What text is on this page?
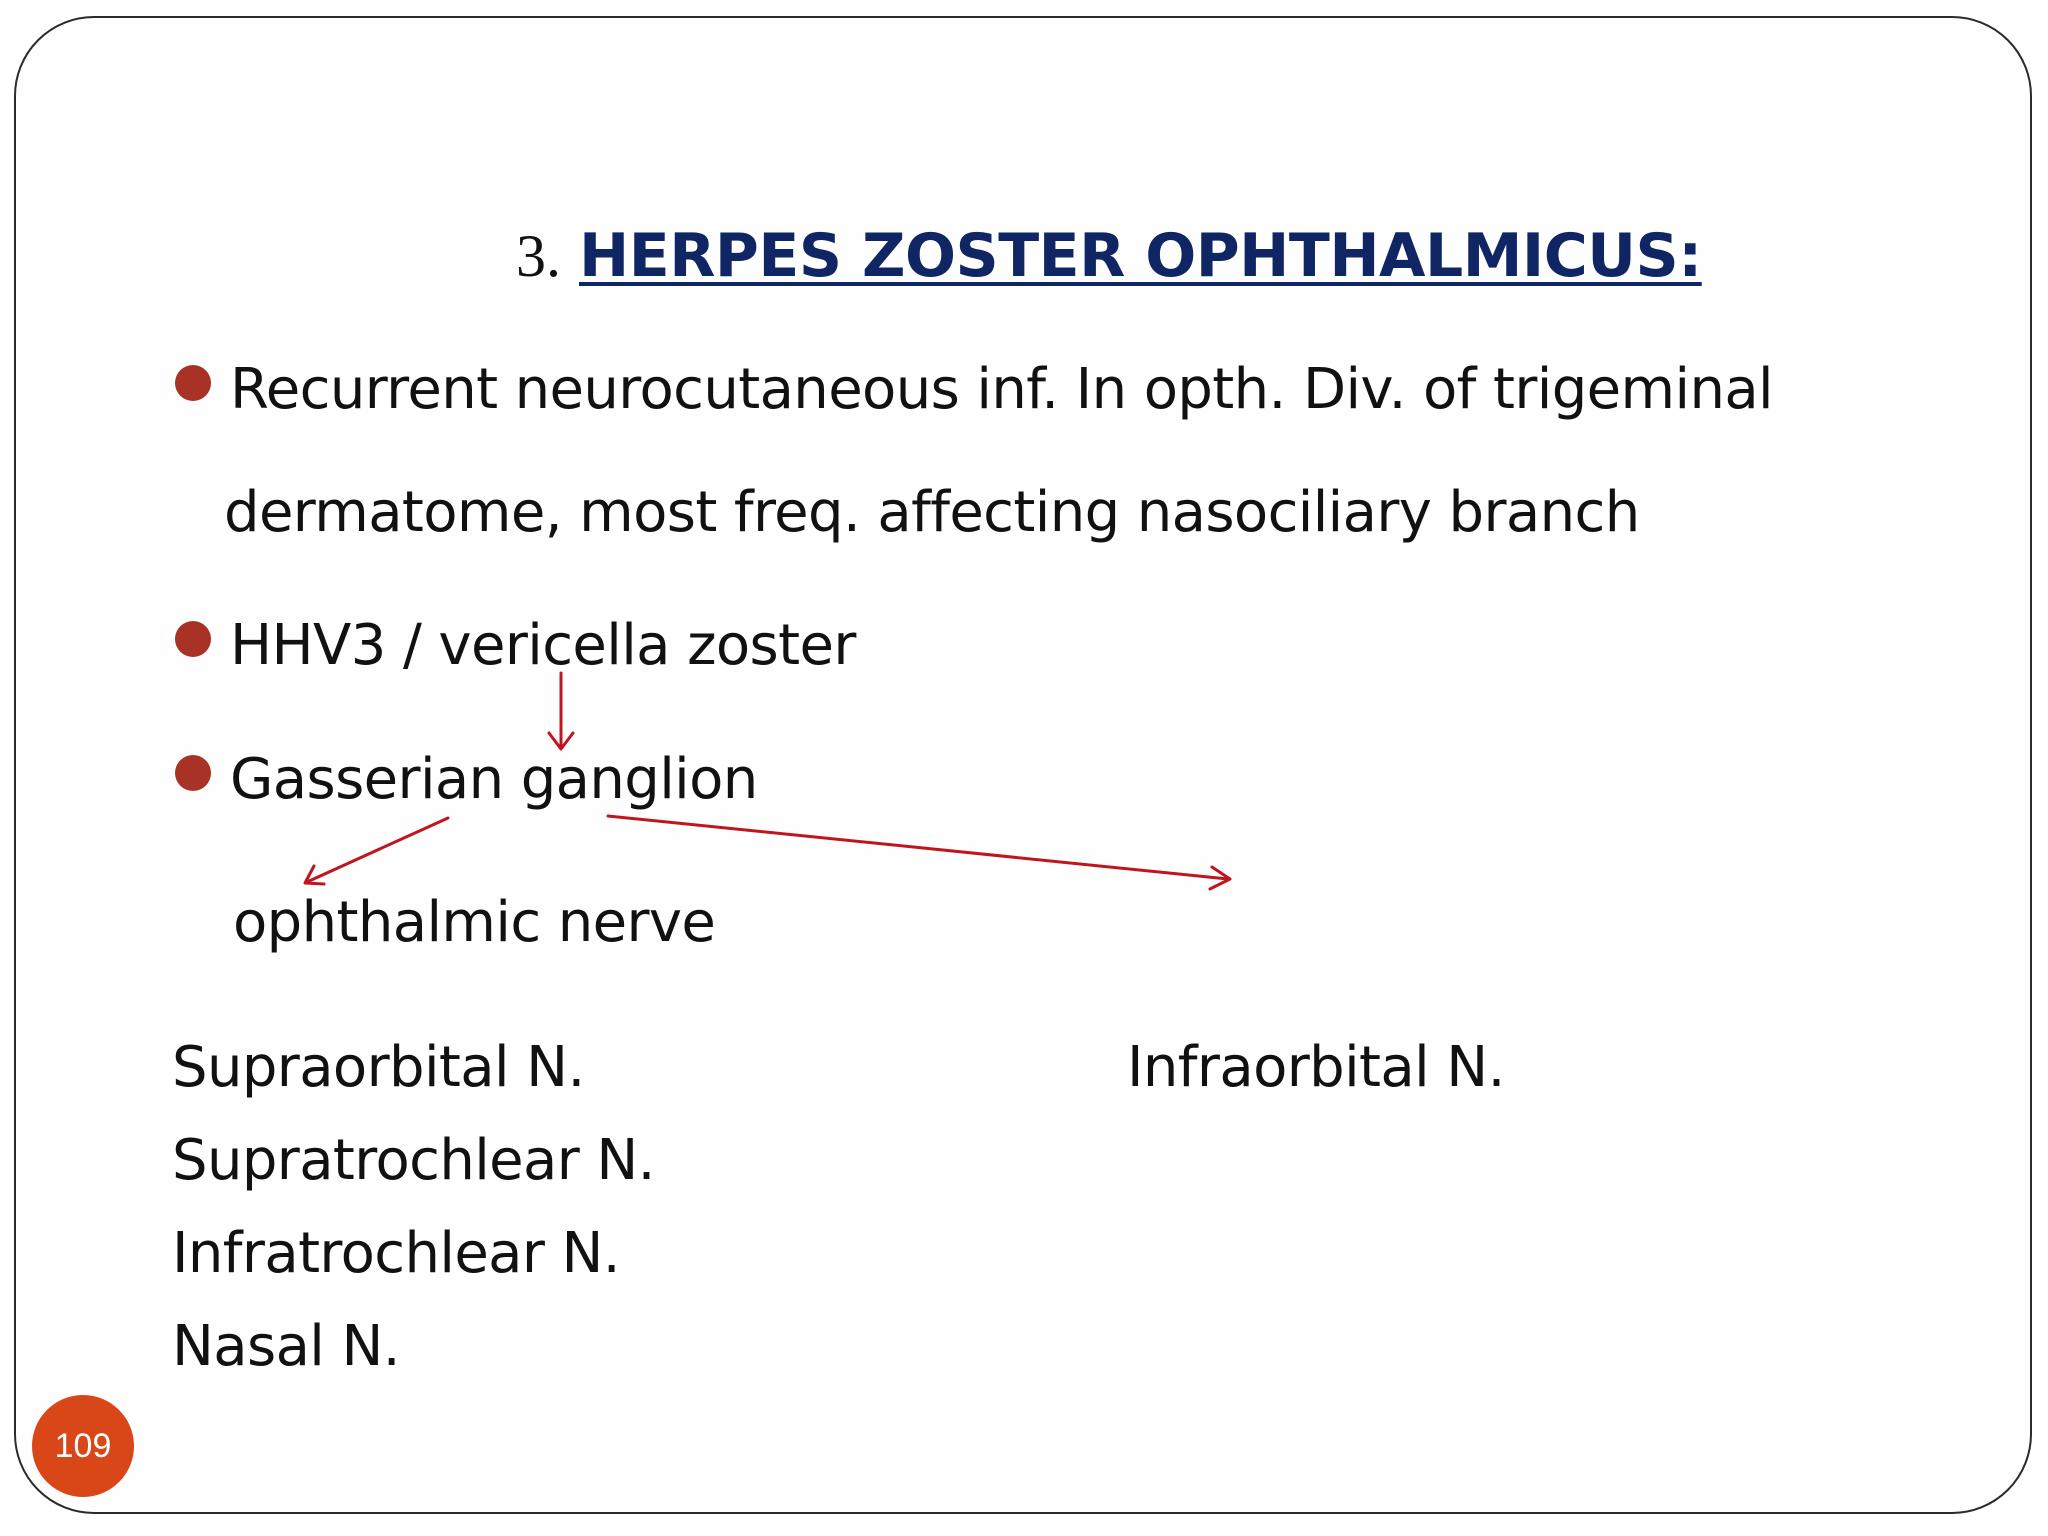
3. HERPES ZOSTER OPHTHALMICUS:
Recurrent neurocutaneous inf. In opth. Div. of trigeminal
dermatome, most freq. affecting nasociliary branch
HHV3 / vericella zoster
Gasserian ganglion
ophthalmic nerve
Supraorbital N.
Supratrochlear N.
Infratrochlear N.
Nasal N.
Infraorbital N.
109
